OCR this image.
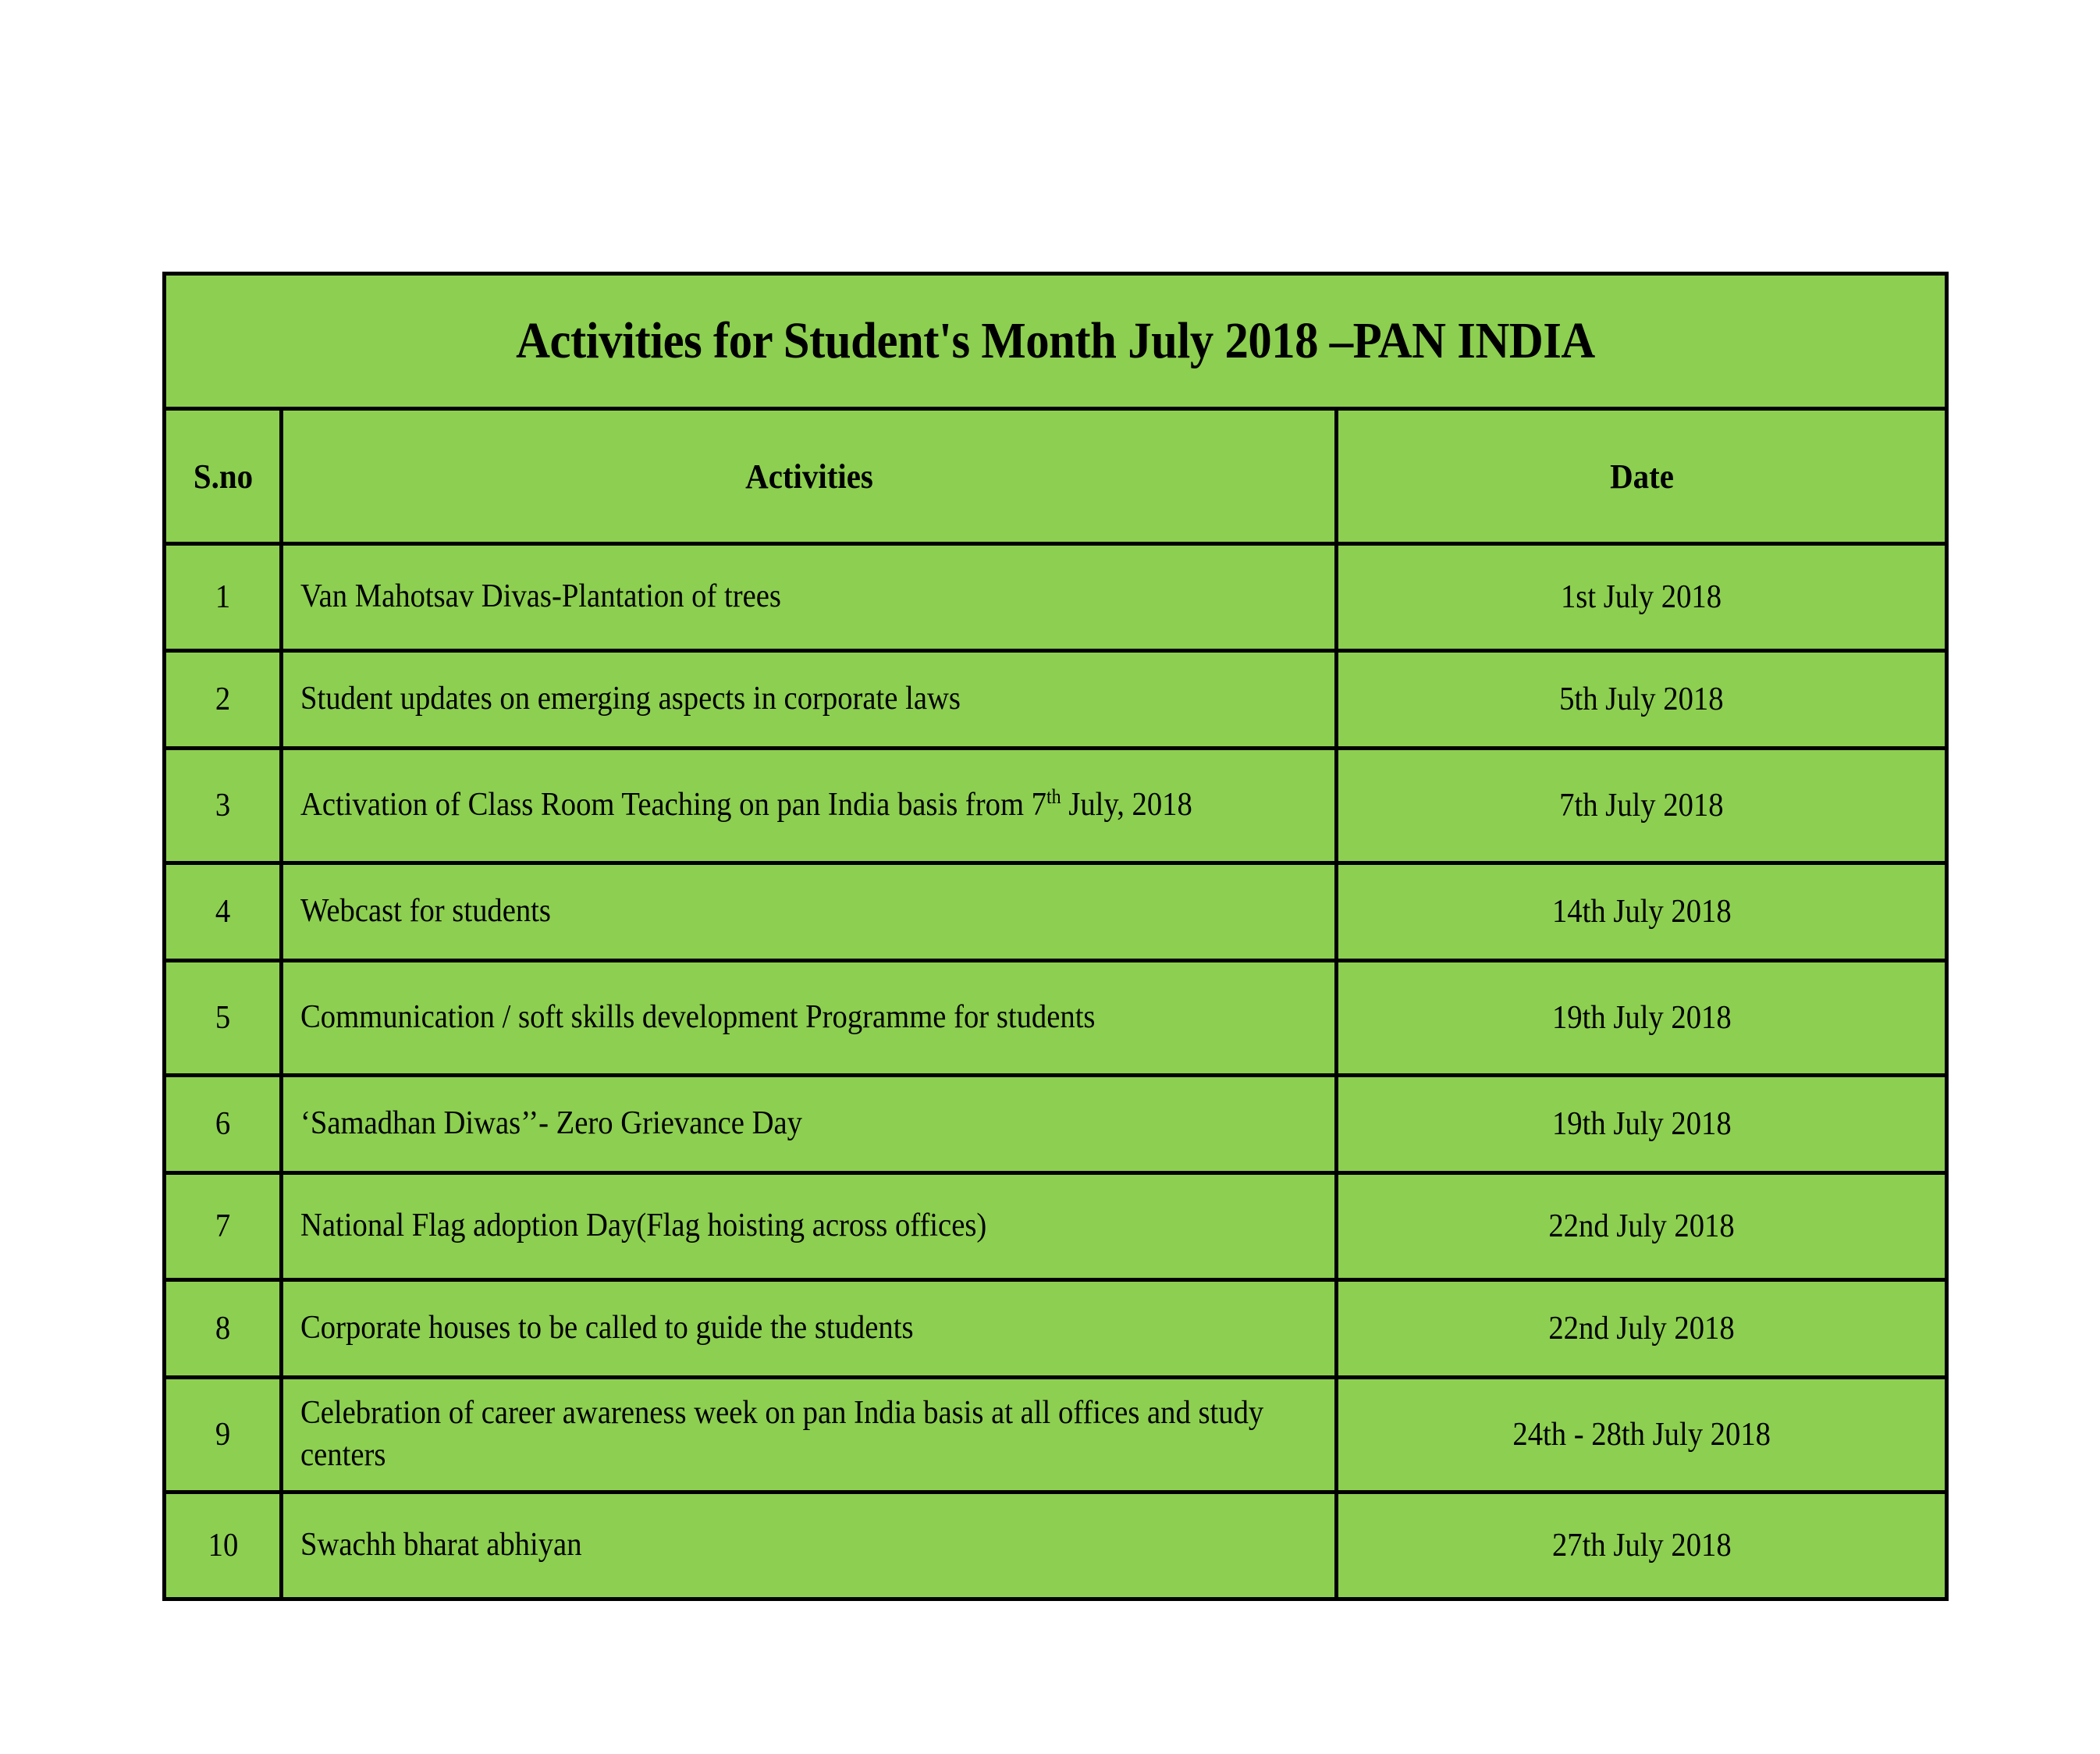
Activities for Student's Month July 2018 –PAN INDIA		
S.no	Activities	Date
1	Van Mahotsav Divas-Plantation of trees	1st July 2018
2	Student updates on emerging aspects in corporate laws	5th July 2018
3	Activation of Class Room Teaching on pan India basis from 7th July, 2018	7th July 2018
4	Webcast for students	14th July 2018
5	Communication / soft skills development Programme for students	19th July 2018
6	‘Samadhan Diwas’’- Zero Grievance Day	19th July 2018
7	National Flag adoption Day(Flag hoisting across offices)	22nd July 2018
8	Corporate houses to be called to guide the students	22nd July 2018
9	Celebration of career awareness week on pan India basis at all offices and study centers	24th - 28th July 2018
10	Swachh bharat abhiyan	27th July 2018
